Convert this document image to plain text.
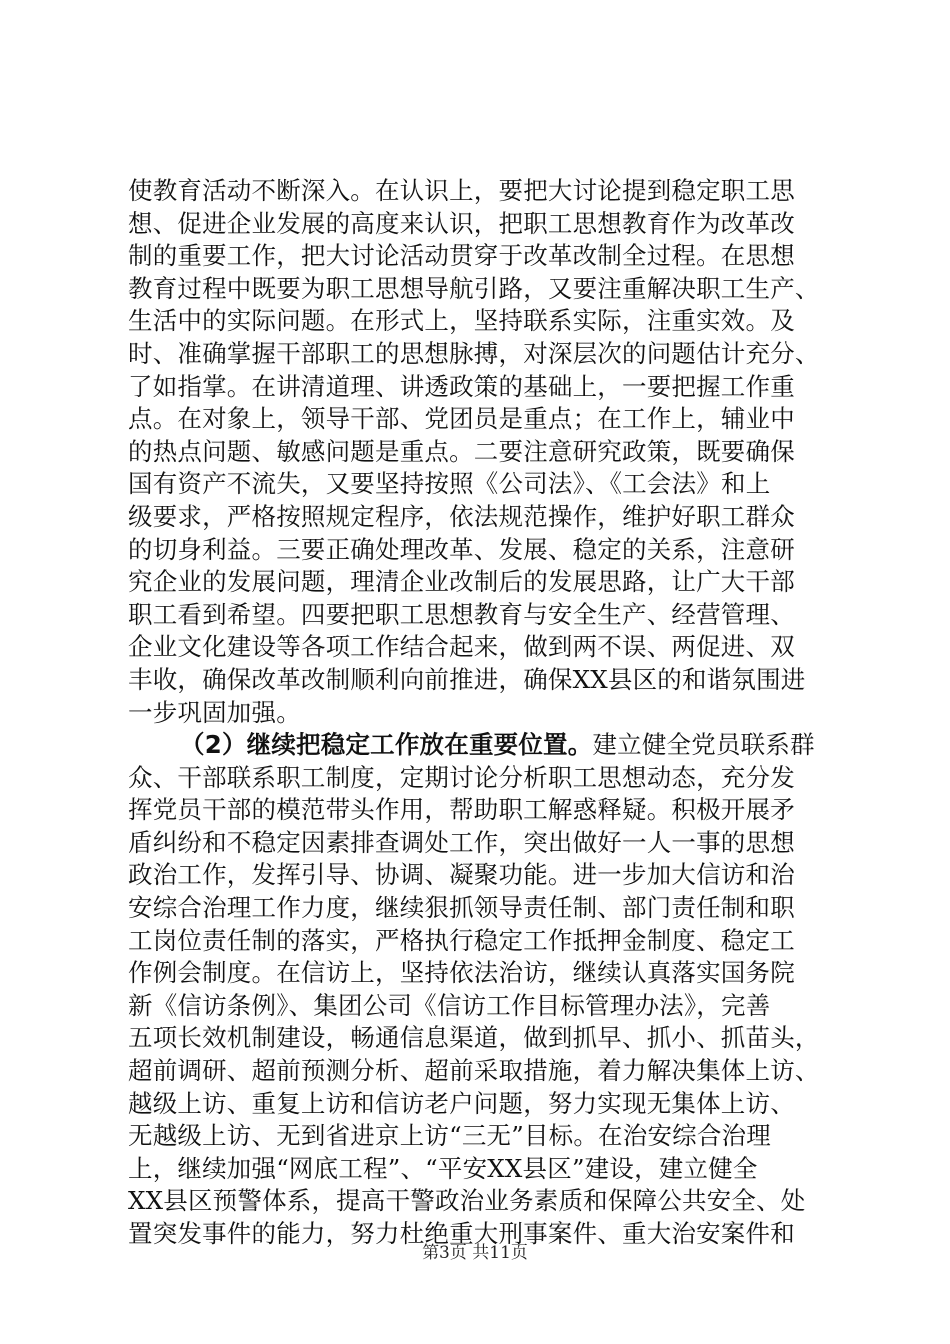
使教育活动不断深入。在认识上，要把大讨论提到稳定职工思
想、促进企业发展的高度来认识，把职工思想教育作为改革改
制的重要工作，把大讨论活动贯穿于改革改制全过程。在思想
教育过程中既要为职工思想导航引路，又要注重解决职工生产、
生活中的实际问题。在形式上，坚持联系实际，注重实效。及
时、准确掌握干部职工的思想脉搏，对深层次的问题估计充分、
了如指掌。在讲清道理、讲透政策的基础上，一要把握工作重
点。在对象上，领导干部、党团员是重点；在工作上，辅业中
的热点问题、敏感问题是重点。二要注意研究政策，既要确保
国有资产不流失，又要坚持按照《公司法》、《工会法》和上
级要求，严格按照规定程序，依法规范操作，维护好职工群众
的切身利益。三要正确处理改革、发展、稳定的关系，注意研
究企业的发展问题，理清企业改制后的发展思路，让广大干部
职工看到希望。四要把职工思想教育与安全生产、经营管理、
企业文化建设等各项工作结合起来，做到两不误、两促进、双
丰收，确保改革改制顺利向前推进，确保XX县区的和谐氛围进
一步巩固加强。
（2）继续把稳定工作放在重要位置。建立健全党员联系群
众、干部联系职工制度，定期讨论分析职工思想动态，充分发
挥党员干部的模范带头作用，帮助职工解惑释疑。积极开展矛
盾纠纷和不稳定因素排查调处工作，突出做好一人一事的思想
政治工作，发挥引导、协调、凝聚功能。进一步加大信访和治
安综合治理工作力度，继续狠抓领导责任制、部门责任制和职
工岗位责任制的落实，严格执行稳定工作抵押金制度、稳定工
作例会制度。在信访上，坚持依法治访，继续认真落实国务院
新《信访条例》、集团公司《信访工作目标管理办法》，完善
五项长效机制建设，畅通信息渠道，做到抓早、抓小、抓苗头，
超前调研、超前预测分析、超前采取措施，着力解决集体上访、
越级上访、重复上访和信访老户问题，努力实现无集体上访、
无越级上访、无到省进京上访“三无”目标。在治安综合治理
上，继续加强“网底工程”、“平安XX县区”建设，建立健全
XX县区预警体系，提高干警政治业务素质和保障公共安全、处
置突发事件的能力，努力杜绝重大刑事案件、重大治安案件和
第3页 共11页
